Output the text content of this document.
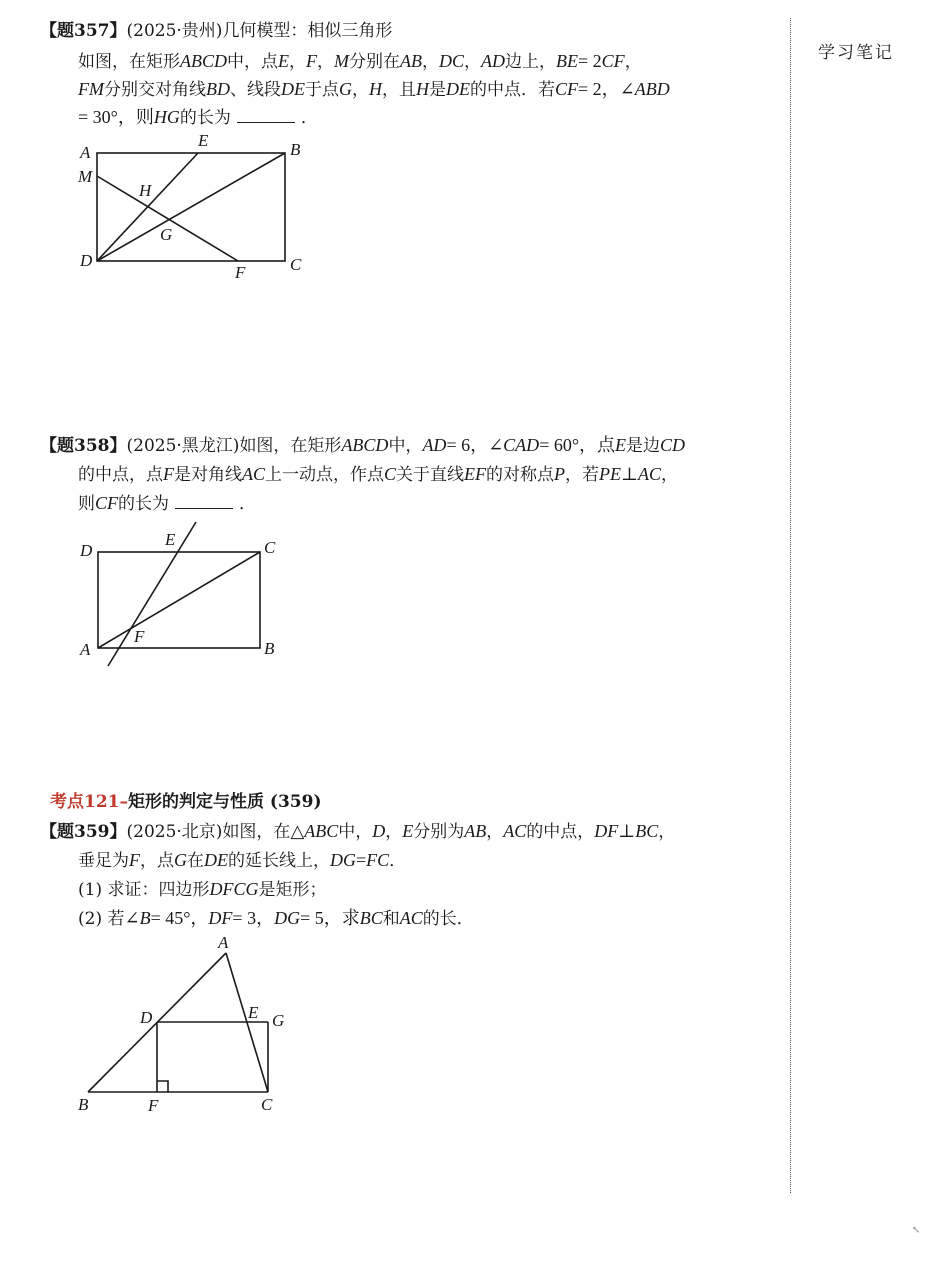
学习笔记
【题357】(2025·贵州)几何模型：相似三角形
如图，在矩形ABCD中，点E，F，M分别在AB，DC，AD边上，BE= 2CF，
FM分别交对角线BD、线段DE于点G，H，且H是DE的中点．若CF= 2，∠ABD
= 30°，则HG的长为	．
A
E	B
M
H
G
D
F	C
【题358】(2025·黑龙江)如图，在矩形ABCD中，AD= 6，∠CAD= 60°，点E是边CD
的中点，点F是对角线AC上一动点，作点C关于直线EF的对称点P，若PE⊥AC，
则CF的长为	．
D
E	C
F
A	B
考点121–矩形的判定与性质 (359)
【题359】(2025·北京)如图，在△ABC中，D，E分别为AB，AC的中点，DF⊥BC，
垂足为F，点G在DE的延长线上，DG=FC．
(1) 求证：四边形DFCG是矩形；
(2) 若∠B= 45°，DF= 3，DG= 5，求BC和AC的长．
A
D	E G
B	F	C
↖
